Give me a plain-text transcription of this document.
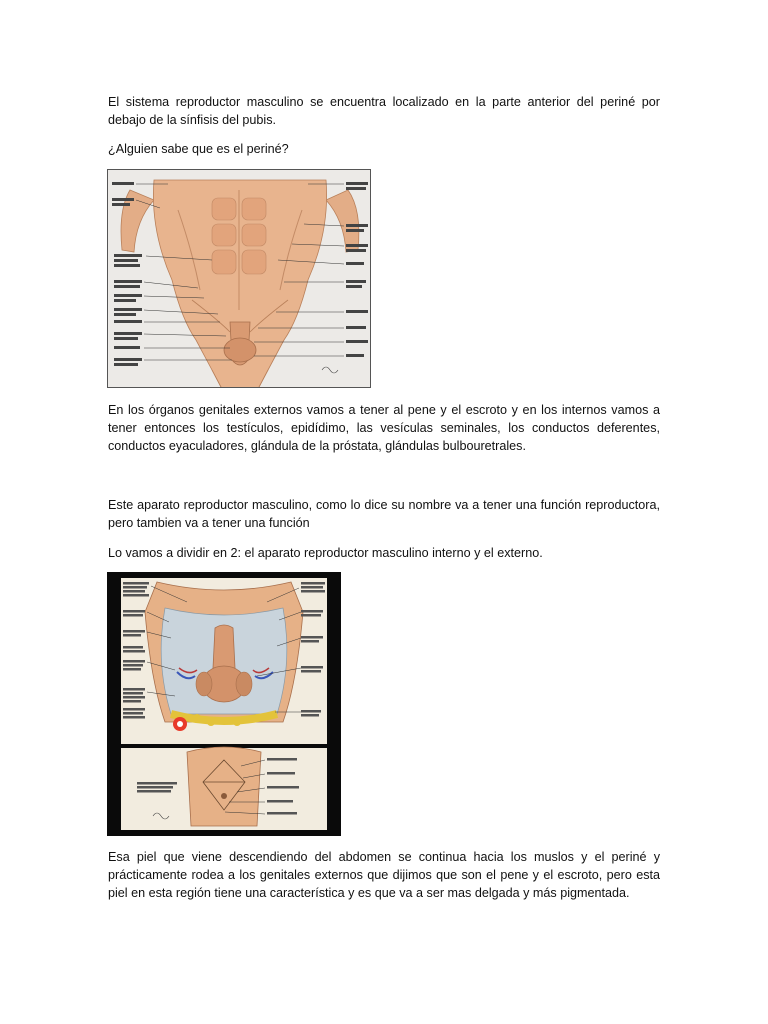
El sistema reproductor masculino se encuentra localizado en la parte anterior del periné por debajo de la sínfisis del pubis.

¿Alguien sabe que es el periné?

En los órganos genitales externos vamos a tener al pene y el escroto y en los internos vamos a tener entonces los testículos, epidídimo, las vesículas seminales, los conductos deferentes, conductos eyaculadores, glándula de la próstata, glándulas bulbouretrales.

Este aparato reproductor masculino, como lo dice su nombre va a tener una función reproductora, pero tambien va a tener una función

Lo vamos a dividir en 2: el aparato reproductor masculino interno y el externo.

Esa piel que viene descendiendo del abdomen se continua hacia los muslos y el periné y prácticamente rodea a los genitales externos que dijimos que son el pene y el escroto, pero esta piel en esta región tiene una característica y es que va a ser mas delgada y más pigmentada.
